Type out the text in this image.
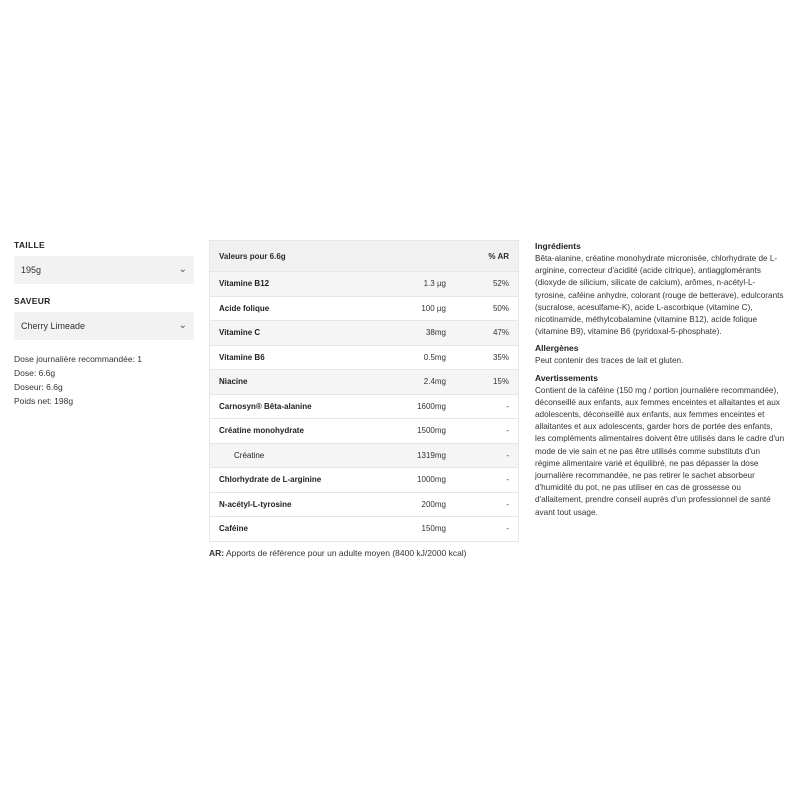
TAILLE
195g	⌄
SAVEUR
Cherry Limeade	⌄

Dose journalière recommandée: 1

Dose: 6.6g

Doseur: 6.6g

Poids net: 198g

Valeurs pour 6.6g		% AR
Vitamine B12	1.3 µg	52%
Acide folique	100 µg	50%
Vitamine C	38mg	47%
Vitamine B6	0.5mg	35%
Niacine	2.4mg	15%
Carnosyn® Bêta-alanine	1600mg	-
Créatine monohydrate	1500mg	-
Créatine	1319mg	-
Chlorhydrate de L-arginine	1000mg	-
N-acétyl-L-tyrosine	200mg	-
Caféine	150mg	-
AR: Apports de référence pour un adulte moyen (8400 kJ/2000 kcal)
Ingrédients

Bêta-alanine, créatine monohydrate micronisée, chlorhydrate de L-arginine, correcteur d'acidité (acide citrique), antiagglomérants (dioxyde de silicium, silicate de calcium), arômes, n-acétyl-L-tyrosine, caféine anhydre, colorant (rouge de betterave), edulcorants (sucralose, acesulfame-K), acide L-ascorbique (vitamine C), nicotinamide, méthylcobalamine (vitamine B12), acide folique (vitamine B9), vitamine B6 (pyridoxal-5-phosphate).

Allergènes

Peut contenir des traces de lait et gluten.

Avertissements

Contient de la caféine (150 mg / portion journalière recommandée), déconseillé aux enfants, aux femmes enceintes et allaitantes et aux adolescents, déconseillé aux enfants, aux femmes enceintes et allaitantes et aux adolescents, garder hors de portée des enfants, les compléments alimentaires doivent être utilisés dans le cadre d'un mode de vie sain et ne pas être utilisés comme substituts d'un régime alimentaire varié et équilibré, ne pas dépasser la dose journalière recommandée, ne pas retirer le sachet absorbeur d'humidité du pot, ne pas utiliser en cas de grossesse ou d'allaitement, prendre conseil auprès d'un professionnel de santé avant tout usage.
